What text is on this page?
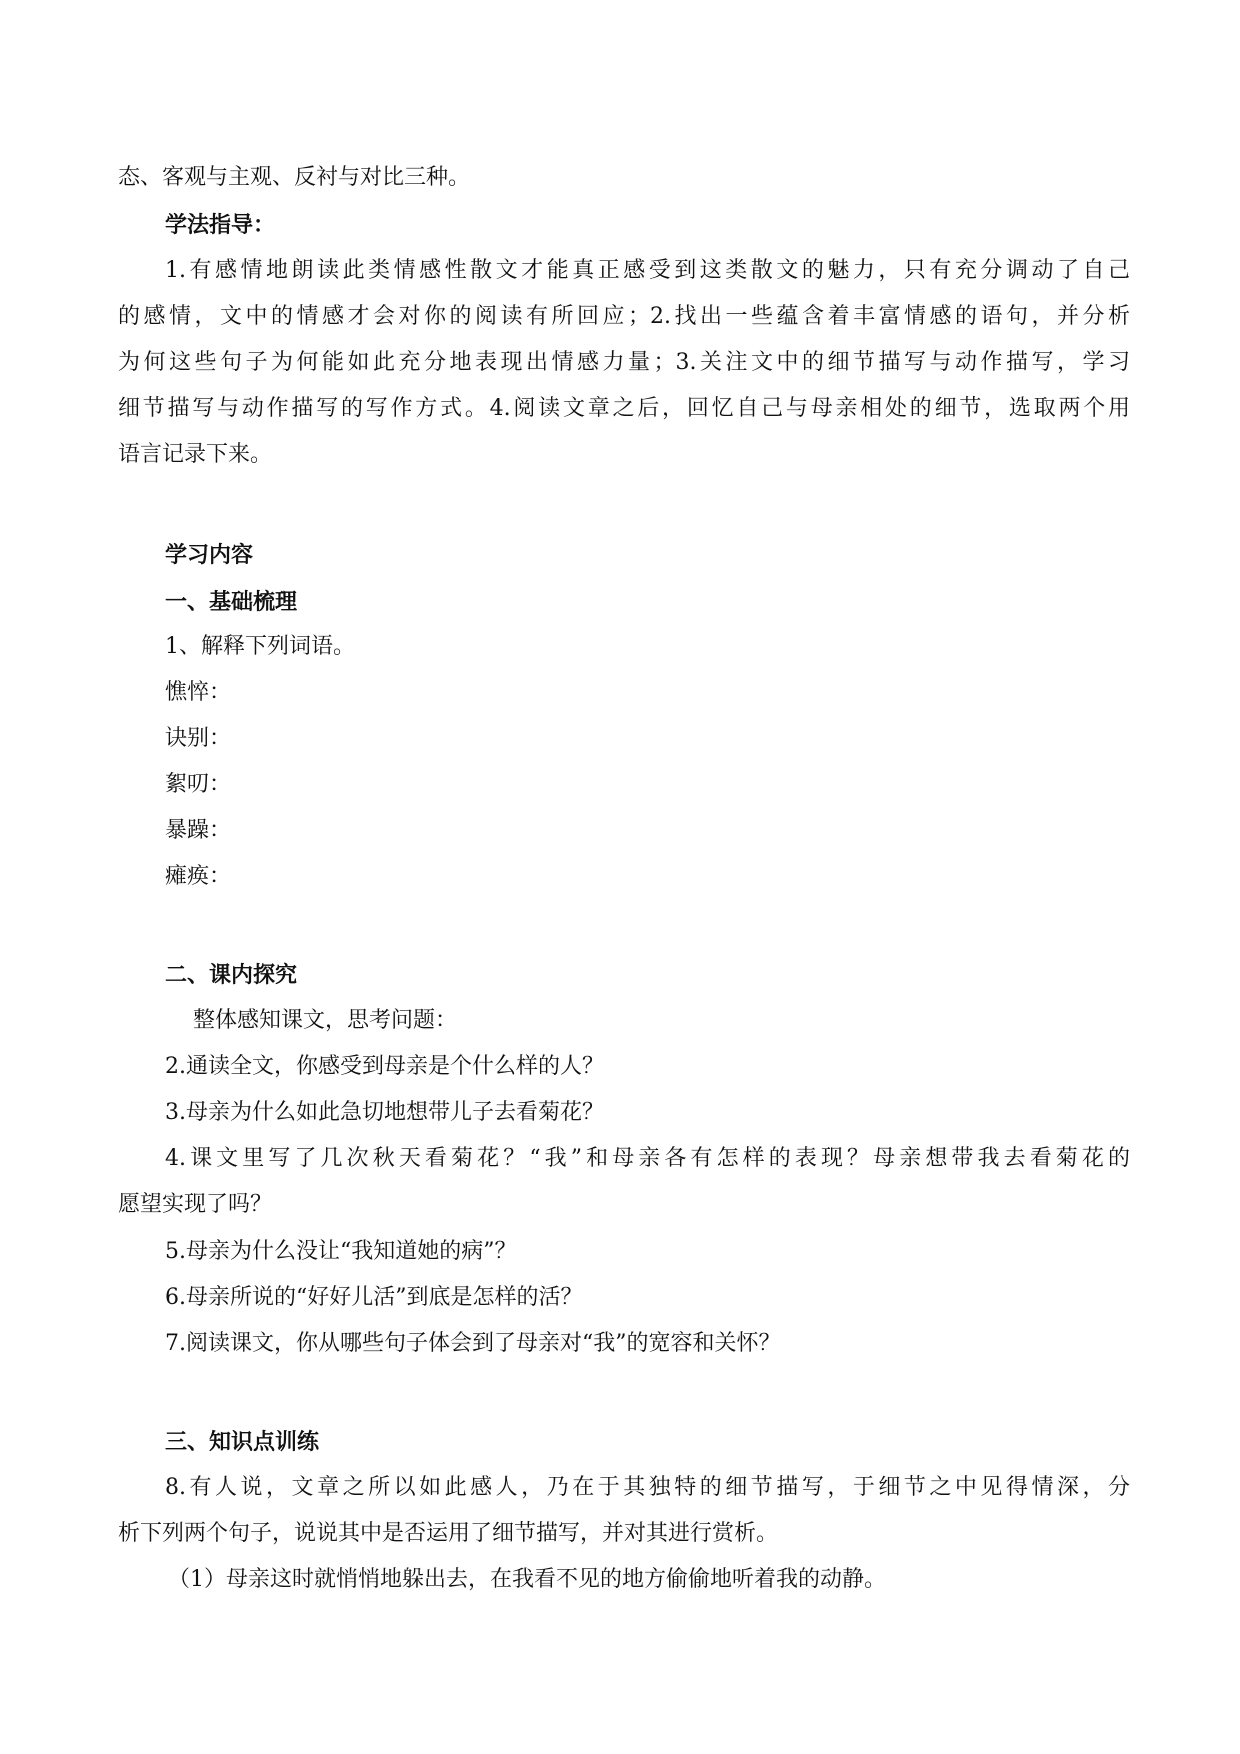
态、客观与主观、反衬与对比三种。
学法指导：
1.有感情地朗读此类情感性散文才能真正感受到这类散文的魅力，只有充分调动了自己
的感情，文中的情感才会对你的阅读有所回应；2.找出一些蕴含着丰富情感的语句，并分析
为何这些句子为何能如此充分地表现出情感力量；3.关注文中的细节描写与动作描写，学习
细节描写与动作描写的写作方式。4.阅读文章之后，回忆自己与母亲相处的细节，选取两个用
语言记录下来。
学习内容
一、基础梳理
1、解释下列词语。
憔悴：
诀别：
絮叨：
暴躁：
瘫痪：
二、课内探究
整体感知课文，思考问题：
2.通读全文，你感受到母亲是个什么样的人？
3.母亲为什么如此急切地想带儿子去看菊花？
4.课文里写了几次秋天看菊花？“我”和母亲各有怎样的表现？母亲想带我去看菊花的
愿望实现了吗？
5.母亲为什么没让“我知道她的病”？
6.母亲所说的“好好儿活”到底是怎样的活？
7.阅读课文，你从哪些句子体会到了母亲对“我”的宽容和关怀？
三、知识点训练
8.有人说，文章之所以如此感人，乃在于其独特的细节描写，于细节之中见得情深，分
析下列两个句子，说说其中是否运用了细节描写，并对其进行赏析。
（1）母亲这时就悄悄地躲出去，在我看不见的地方偷偷地听着我的动静。
